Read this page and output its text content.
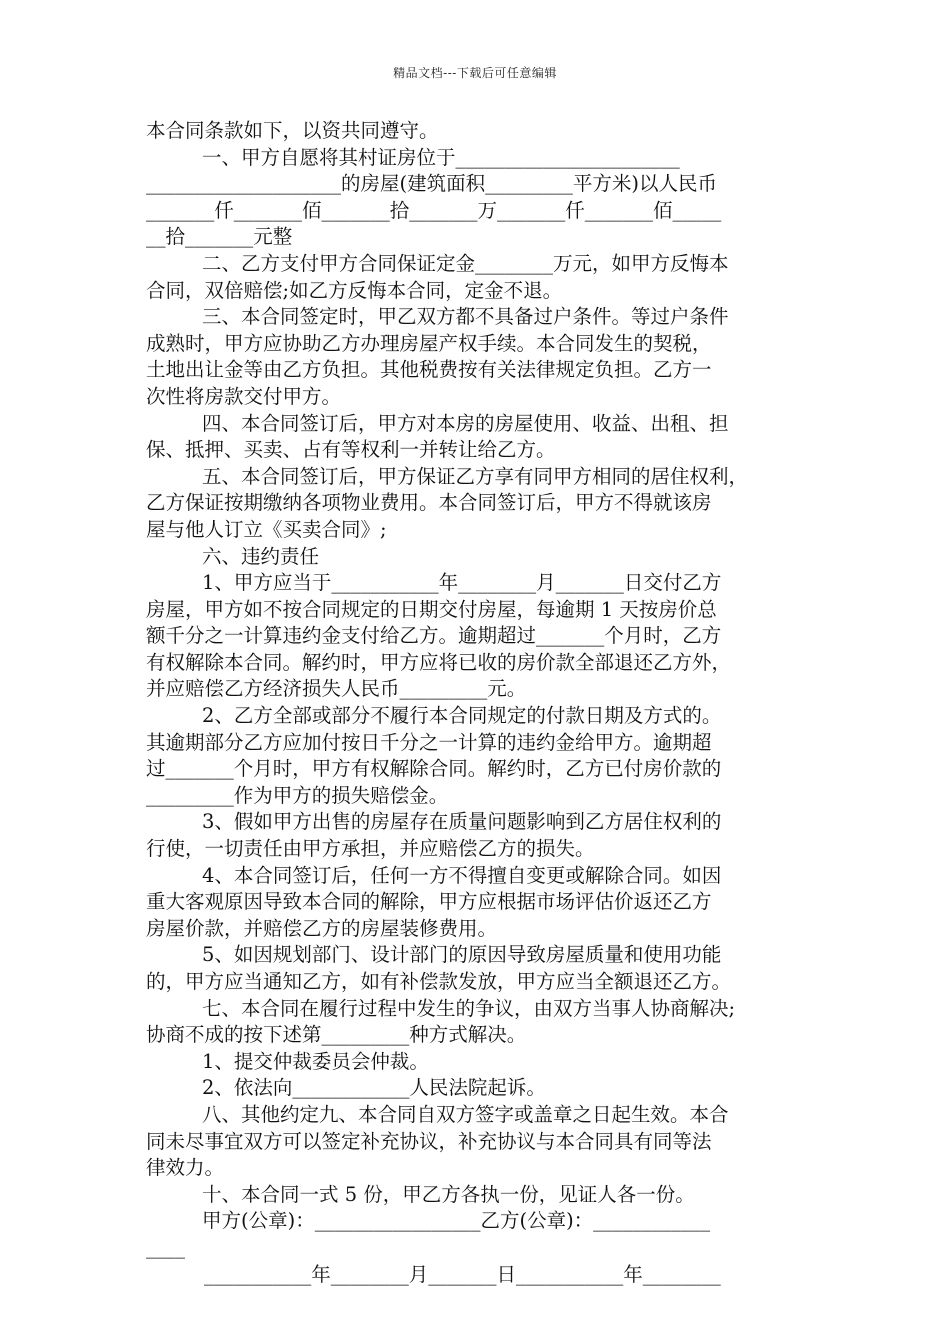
精品文档---下载后可任意编辑
本合同条款如下，以资共同遵守。
一、甲方自愿将其村证房位于_______________________
____________________的房屋(建筑面积_________平方米)以人民币
_______仟_______佰_______拾_______万_______仟_______佰_____
__拾_______元整
二、乙方支付甲方合同保证定金________万元，如甲方反悔本
合同，双倍赔偿;如乙方反悔本合同，定金不退。
三、本合同签定时，甲乙双方都不具备过户条件。等过户条件
成熟时，甲方应协助乙方办理房屋产权手续。本合同发生的契税，
土地出让金等由乙方负担。其他税费按有关法律规定负担。乙方一
次性将房款交付甲方。
四、本合同签订后，甲方对本房的房屋使用、收益、出租、担
保、抵押、买卖、占有等权利一并转让给乙方。
五、本合同签订后，甲方保证乙方享有同甲方相同的居住权利，
乙方保证按期缴纳各项物业费用。本合同签订后，甲方不得就该房
屋与他人订立《买卖合同》;
六、违约责任
1、甲方应当于___________年________月_______日交付乙方
房屋，甲方如不按合同规定的日期交付房屋，每逾期 1 天按房价总
额千分之一计算违约金支付给乙方。逾期超过_______个月时，乙方
有权解除本合同。解约时，甲方应将已收的房价款全部退还乙方外，
并应赔偿乙方经济损失人民币_________元。
2、乙方全部或部分不履行本合同规定的付款日期及方式的。
其逾期部分乙方应加付按日千分之一计算的违约金给甲方。逾期超
过_______个月时，甲方有权解除合同。解约时，乙方已付房价款的
_________作为甲方的损失赔偿金。
3、假如甲方出售的房屋存在质量问题影响到乙方居住权利的
行使，一切责任由甲方承担，并应赔偿乙方的损失。
4、本合同签订后，任何一方不得擅自变更或解除合同。如因
重大客观原因导致本合同的解除，甲方应根据市场评估价返还乙方
房屋价款，并赔偿乙方的房屋装修费用。
5、如因规划部门、设计部门的原因导致房屋质量和使用功能
的，甲方应当通知乙方，如有补偿款发放，甲方应当全额退还乙方。
七、本合同在履行过程中发生的争议，由双方当事人协商解决;
协商不成的按下述第_________种方式解决。
1、提交仲裁委员会仲裁。
2、依法向____________人民法院起诉。
八、其他约定九、本合同自双方签字或盖章之日起生效。本合
同未尽事宜双方可以签定补充协议，补充协议与本合同具有同等法
律效力。
十、本合同一式 5 份，甲乙方各执一份，见证人各一份。
甲方(公章)：_________________乙方(公章)：____________
____
___________年________月_______日___________年________
